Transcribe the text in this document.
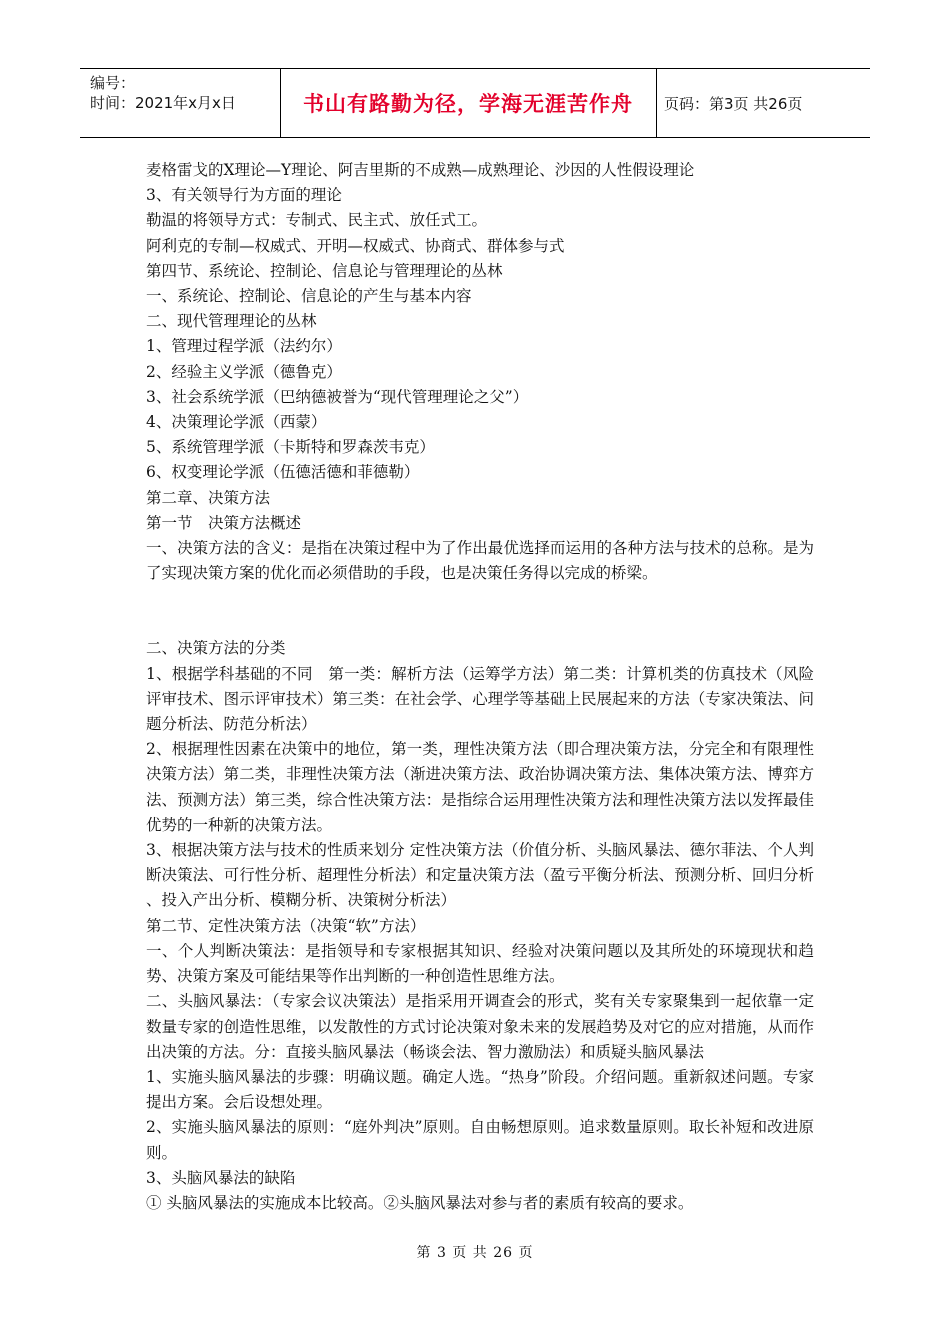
编号：
时间：2021年x月x日	书山有路勤为径，学海无涯苦作舟	页码：第3页 共26页

麦格雷戈的X理论—Y理论、阿吉里斯的不成熟—成熟理论、沙因的人性假设理论

3、有关领导行为方面的理论

勒温的将领导方式：专制式、民主式、放任式工。

阿利克的专制—权威式、开明—权威式、协商式、群体参与式

第四节、系统论、控制论、信息论与管理理论的丛林

一、系统论、控制论、信息论的产生与基本内容

二、现代管理理论的丛林

1、管理过程学派（法约尔）

2、经验主义学派（德鲁克）

3、社会系统学派（巴纳德被誉为“现代管理理论之父”）

4、决策理论学派（西蒙）

5、系统管理学派（卡斯特和罗森茨韦克）

6、权变理论学派（伍德活德和菲德勒）

第二章、决策方法

第一节　决策方法概述

一、决策方法的含义：是指在决策过程中为了作出最优选择而运用的各种方法与技术的总称。是为了实现决策方案的优化而必须借助的手段，也是决策任务得以完成的桥梁。

二、决策方法的分类

1、根据学科基础的不同　第一类：解析方法（运筹学方法）第二类：计算机类的仿真技术（风险评审技术、图示评审技术）第三类：在社会学、心理学等基础上民展起来的方法（专家决策法、问题分析法、防范分析法）

2、根据理性因素在决策中的地位，第一类，理性决策方法（即合理决策方法，分完全和有限理性决策方法）第二类，非理性决策方法（渐进决策方法、政治协调决策方法、集体决策方法、博弈方法、预测方法）第三类，综合性决策方法：是指综合运用理性决策方法和理性决策方法以发挥最佳优势的一种新的决策方法。

3、根据决策方法与技术的性质来划分 定性决策方法（价值分析、头脑风暴法、德尔菲法、个人判断决策法、可行性分析、超理性分析法）和定量决策方法（盈亏平衡分析法、预测分析、回归分析 、投入产出分析、模糊分析、决策树分析法）

第二节、定性决策方法（决策“软”方法）

一、个人判断决策法：是指领导和专家根据其知识、经验对决策问题以及其所处的环境现状和趋势、决策方案及可能结果等作出判断的一种创造性思维方法。

二、头脑风暴法：（专家会议决策法）是指采用开调查会的形式，奖有关专家聚集到一起依靠一定数量专家的创造性思维，以发散性的方式讨论决策对象未来的发展趋势及对它的应对措施，从而作出决策的方法。分：直接头脑风暴法（畅谈会法、智力激励法）和质疑头脑风暴法

1、实施头脑风暴法的步骤：明确议题。确定人选。“热身”阶段。介绍问题。重新叙述问题。专家提出方案。会后设想处理。

2、实施头脑风暴法的原则：“庭外判决”原则。自由畅想原则。追求数量原则。取长补短和改进原则。

3、头脑风暴法的缺陷

① 头脑风暴法的实施成本比较高。②头脑风暴法对参与者的素质有较高的要求。

第 3 页 共 26 页
